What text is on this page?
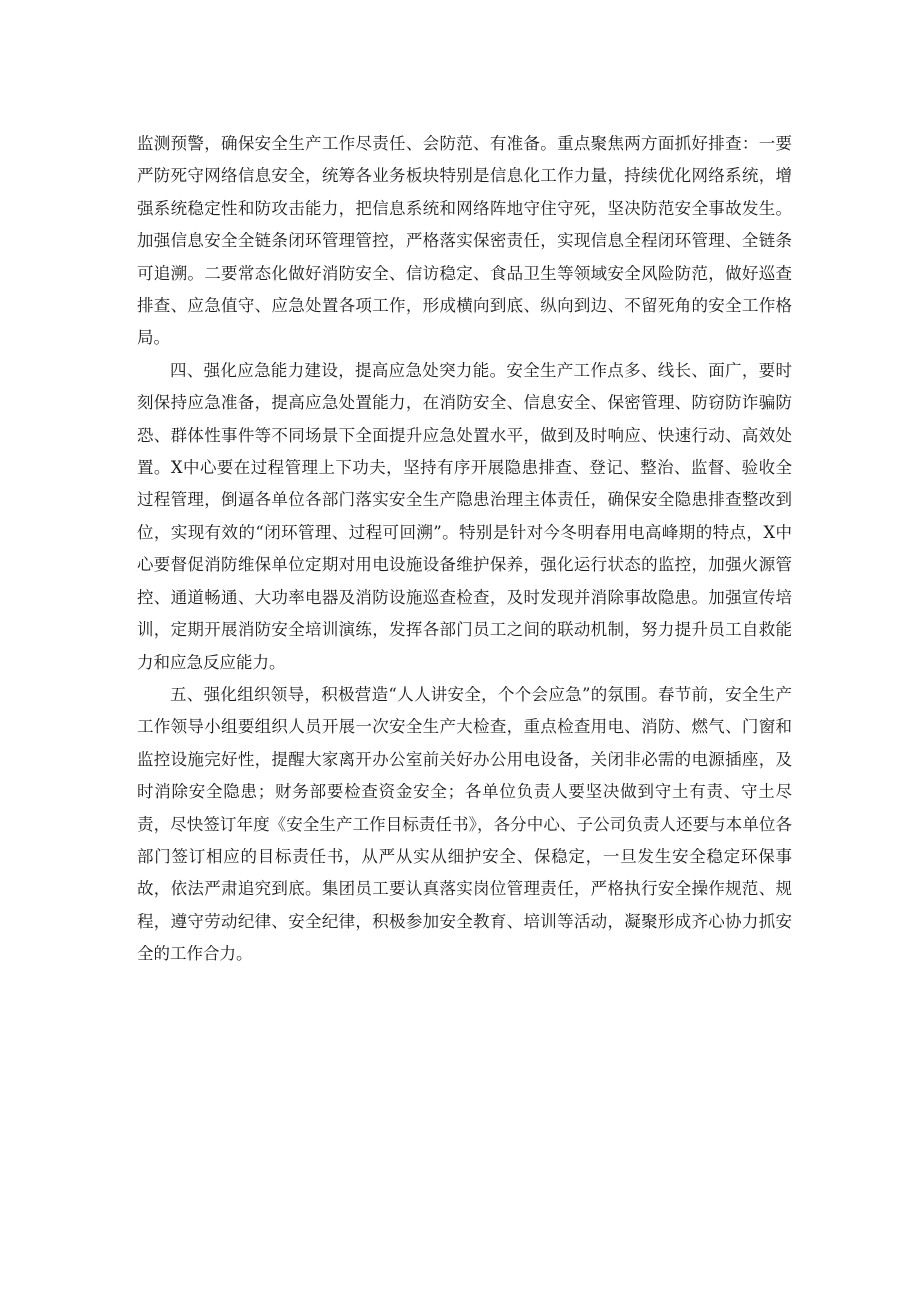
监测预警，确保安全生产工作尽责任、会防范、有准备。重点聚焦两方面抓好排查：一要严防死守网络信息安全，统筹各业务板块特别是信息化工作力量，持续优化网络系统，增强系统稳定性和防攻击能力，把信息系统和网络阵地守住守死，坚决防范安全事故发生。加强信息安全全链条闭环管理管控，严格落实保密责任，实现信息全程闭环管理、全链条可追溯。二要常态化做好消防安全、信访稳定、食品卫生等领域安全风险防范，做好巡查排查、应急值守、应急处置各项工作，形成横向到底、纵向到边、不留死角的安全工作格局。

四、强化应急能力建设，提高应急处突力能。安全生产工作点多、线长、面广，要时刻保持应急准备，提高应急处置能力，在消防安全、信息安全、保密管理、防窃防诈骗防恐、群体性事件等不同场景下全面提升应急处置水平，做到及时响应、快速行动、高效处置。X中心要在过程管理上下功夫，坚持有序开展隐患排查、登记、整治、监督、验收全过程管理，倒逼各单位各部门落实安全生产隐患治理主体责任，确保安全隐患排查整改到位，实现有效的“闭环管理、过程可回溯”。特别是针对今冬明春用电高峰期的特点，X中心要督促消防维保单位定期对用电设施设备维护保养，强化运行状态的监控，加强火源管控、通道畅通、大功率电器及消防设施巡查检查，及时发现并消除事故隐患。加强宣传培训，定期开展消防安全培训演练，发挥各部门员工之间的联动机制，努力提升员工自救能力和应急反应能力。

五、强化组织领导，积极营造“人人讲安全，个个会应急”的氛围。春节前，安全生产工作领导小组要组织人员开展一次安全生产大检查，重点检查用电、消防、燃气、门窗和监控设施完好性，提醒大家离开办公室前关好办公用电设备，关闭非必需的电源插座，及时消除安全隐患；财务部要检查资金安全；各单位负责人要坚决做到守土有责、守土尽责，尽快签订年度《安全生产工作目标责任书》，各分中心、子公司负责人还要与本单位各部门签订相应的目标责任书，从严从实从细护安全、保稳定，一旦发生安全稳定环保事故，依法严肃追究到底。集团员工要认真落实岗位管理责任，严格执行安全操作规范、规程，遵守劳动纪律、安全纪律，积极参加安全教育、培训等活动，凝聚形成齐心协力抓安全的工作合力。
